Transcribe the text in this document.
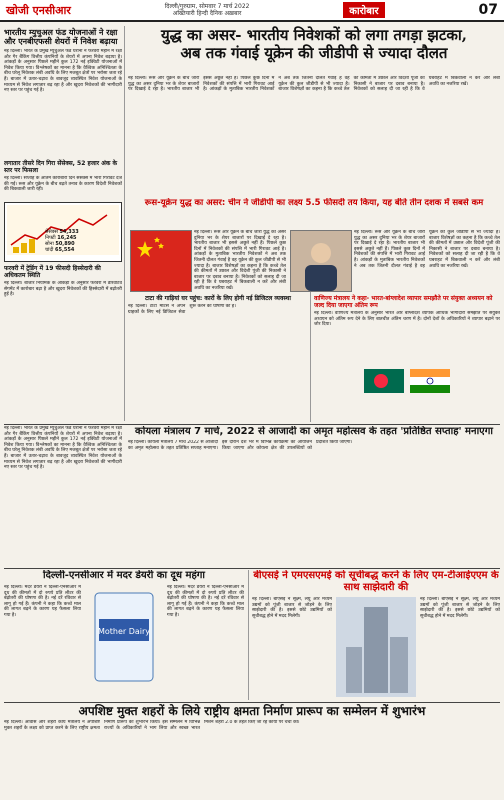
खोजी एनसीआर	दिल्ली/गुरुग्राम, सोमवार 7 मार्च 2022
अख्तियारी हिन्दी दैनिक अख़बार	कारोबार	07
भारतीय म्युचुअल फंड योजनाओं ने रक्षा और एनबीएफसी शेयरों में निवेश बढ़ाया
नई दिल्ली। भारत के प्रमुख म्यूचुअल फंड घरानों ने फरवरी महीने में रक्षा और गैर बैंकिंग वित्तीय कंपनियों के शेयरों में अपना निवेश बढ़ाया है। आंकड़ों के अनुसार पिछले महीने कुल 172 नई इक्विटी योजनाओं में निवेश किया गया। विश्लेषकों का मानना है कि वैश्विक अनिश्चितता के बीच घरेलू निवेशक लंबी अवधि के लिए मजबूत क्षेत्रों पर भरोसा जता रहे हैं। बाजार में उतार-चढ़ाव के बावजूद व्यवस्थित निवेश योजनाओं के माध्यम से निवेश लगातार बढ़ रहा है और खुदरा निवेशकों की भागीदारी नए स्तर पर पहुंच गई है।
लगातार तीसरे दिन गिरा सेंसेक्स, 52 हजार अंक के स्तर पर फिसला
नई दिल्ली। सप्ताह के अंतिम कारोबारी दिन सेंसेक्स में भारी गिरावट दर्ज की गई। रूस और यूक्रेन के बीच बढ़ते तनाव के कारण विदेशी निवेशकों की बिकवाली जारी रही।
सेंसेक्स 54,333
निफ्टी 16,245
सोना 50,890
चांदी 65,554
फरवरी में ट्रेडिंग में 19 फीसदी हिस्सेदारी की अधिकतम स्थिति
नई दिल्ली। बाजार नियामक के आंकड़ों के अनुसार फरवरी में डेरिवेटिव सेगमेंट में कारोबार बढ़ा है और खुदरा निवेशकों की हिस्सेदारी में बढ़ोतरी हुई है।
युद्ध का असर- भारतीय निवेशकों को लगा तगड़ा झटका,
अब तक गंवाई यूक्रेन की जीडीपी से ज्यादा दौलत
नई दिल्ली। रूस और यूक्रेन के बीच जारी युद्ध का असर दुनिया भर के शेयर बाजारों पर दिखाई दे रहा है। भारतीय बाजार भी इससे अछूते नहीं हैं। पिछले कुछ दिनों में निवेशकों की संपत्ति में भारी गिरावट आई है। आंकड़ों के मुताबिक भारतीय निवेशकों ने अब तक जितनी दौलत गंवाई है वह यूक्रेन की कुल जीडीपी से भी ज्यादा है। बाजार विशेषज्ञों का कहना है कि कच्चे तेल की कीमतों में उछाल और विदेशी पूंजी की निकासी ने बाजार पर दबाव बनाया है। निवेशकों को सलाह दी जा रही है कि वे घबराहट में बिकवाली न करें और लंबी अवधि का नजरिया रखें।
रूस-यूक्रेन युद्ध का असर: चीन ने जीडीपी का लक्ष्य 5.5 फीसदी तय किया, यह बीते तीन दशक में सबसे कम
नई दिल्ली। रूस और यूक्रेन के बीच जारी युद्ध का असर दुनिया भर के शेयर बाजारों पर दिखाई दे रहा है। भारतीय बाजार भी इससे अछूते नहीं हैं। पिछले कुछ दिनों में निवेशकों की संपत्ति में भारी गिरावट आई है। आंकड़ों के मुताबिक भारतीय निवेशकों ने अब तक जितनी दौलत गंवाई है वह यूक्रेन की कुल जीडीपी से भी ज्यादा है। बाजार विशेषज्ञों का कहना है कि कच्चे तेल की कीमतों में उछाल और विदेशी पूंजी की निकासी ने बाजार पर दबाव बनाया है। निवेशकों को सलाह दी जा रही है कि वे घबराहट में बिकवाली न करें और लंबी अवधि का नजरिया रखें।
नई दिल्ली। रूस और यूक्रेन के बीच जारी युद्ध का असर दुनिया भर के शेयर बाजारों पर दिखाई दे रहा है। भारतीय बाजार भी इससे अछूते नहीं हैं। पिछले कुछ दिनों में निवेशकों की संपत्ति में भारी गिरावट आई है। आंकड़ों के मुताबिक भारतीय निवेशकों ने अब तक जितनी दौलत गंवाई है वह यूक्रेन की कुल जीडीपी से भी ज्यादा है। बाजार विशेषज्ञों का कहना है कि कच्चे तेल की कीमतों में उछाल और विदेशी पूंजी की निकासी ने बाजार पर दबाव बनाया है। निवेशकों को सलाह दी जा रही है कि वे घबराहट में बिकवाली न करें और लंबी अवधि का नजरिया रखें।
टाटा की गाड़ियां घर पहुंच: कारों के लिए होगी नई डिजिटल व्यवस्था
नई दिल्ली। टाटा मोटर्स ने अपने ग्राहकों के लिए नई डिजिटल सेवा शुरू करने की घोषणा की है।
वाणिज्य मंत्रालय ने कहा- भारत-बांग्लादेश व्यापार समझौते पर संयुक्त अध्ययन को जल्द दिया जाएगा अंतिम रूप
नई दिल्ली। वाणिज्य मंत्रालय के अनुसार भारत और बांग्लादेश व्यापक आर्थिक भागीदारी समझौते पर संयुक्त अध्ययन को अंतिम रूप देने के लिए बातचीत अंतिम चरण में है। दोनों देशों के अधिकारियों ने व्यापार बढ़ाने पर जोर दिया।
कोयला मंत्रालय 7 मार्च, 2022 से आजादी का अमृत महोत्सव के तहत 'प्रतिष्ठित सप्ताह' मनाएगा
नई दिल्ली। कोयला मंत्रालय 7 मार्च 2022 से आजादी का अमृत महोत्सव के तहत प्रतिष्ठित सप्ताह मनाएगा। इस दौरान देश भर में विभिन्न कार्यक्रमों का आयोजन किया जाएगा और कोयला क्षेत्र की उपलब्धियों को प्रदर्शित किया जाएगा।
नई दिल्ली। भारत के प्रमुख म्यूचुअल फंड घरानों ने फरवरी महीने में रक्षा और गैर बैंकिंग वित्तीय कंपनियों के शेयरों में अपना निवेश बढ़ाया है। आंकड़ों के अनुसार पिछले महीने कुल 172 नई इक्विटी योजनाओं में निवेश किया गया। विश्लेषकों का मानना है कि वैश्विक अनिश्चितता के बीच घरेलू निवेशक लंबी अवधि के लिए मजबूत क्षेत्रों पर भरोसा जता रहे हैं। बाजार में उतार-चढ़ाव के बावजूद व्यवस्थित निवेश योजनाओं के माध्यम से निवेश लगातार बढ़ रहा है और खुदरा निवेशकों की भागीदारी नए स्तर पर पहुंच गई है।
दिल्ली-एनसीआर में मदर डेयरी का दूध महंगा
नई दिल्ली। मदर डेयरी ने दिल्ली-एनसीआर में दूध की कीमतों में दो रुपये प्रति लीटर की बढ़ोतरी की घोषणा की है। नई दरें रविवार से लागू हो गई हैं। कंपनी ने कहा कि कच्चे माल की लागत बढ़ने के कारण यह फैसला लिया गया है।
Mother Dairy
नई दिल्ली। मदर डेयरी ने दिल्ली-एनसीआर में दूध की कीमतों में दो रुपये प्रति लीटर की बढ़ोतरी की घोषणा की है। नई दरें रविवार से लागू हो गई हैं। कंपनी ने कहा कि कच्चे माल की लागत बढ़ने के कारण यह फैसला लिया गया है।
बीएसई ने एमएसएमई को सूचीबद्ध करने के लिए एम-टीआईएएम के साथ साझेदारी की
नई दिल्ली। बीएसई ने सूक्ष्म, लघु और मध्यम उद्यमों को पूंजी बाजार से जोड़ने के लिए साझेदारी की है। इससे छोटे उद्यमियों को सूचीबद्ध होने में मदद मिलेगी।
नई दिल्ली। बीएसई ने सूक्ष्म, लघु और मध्यम उद्यमों को पूंजी बाजार से जोड़ने के लिए साझेदारी की है। इससे छोटे उद्यमियों को सूचीबद्ध होने में मदद मिलेगी।
अपशिष्ट मुक्त शहरों के लिये राष्ट्रीय क्षमता निर्माण प्रारूप का सम्मेलन में शुभारंभ
नई दिल्ली। आवास और शहरी कार्य मंत्रालय ने अपशिष्ट मुक्त शहरों के लक्ष्य को प्राप्त करने के लिए राष्ट्रीय क्षमता निर्माण प्रारूप का शुभारंभ किया। इस सम्मेलन में विभिन्न राज्यों के अधिकारियों ने भाग लिया और स्वच्छ भारत मिशन शहरी 2.0 के तहत किए जा रहे कार्यों पर चर्चा की।
